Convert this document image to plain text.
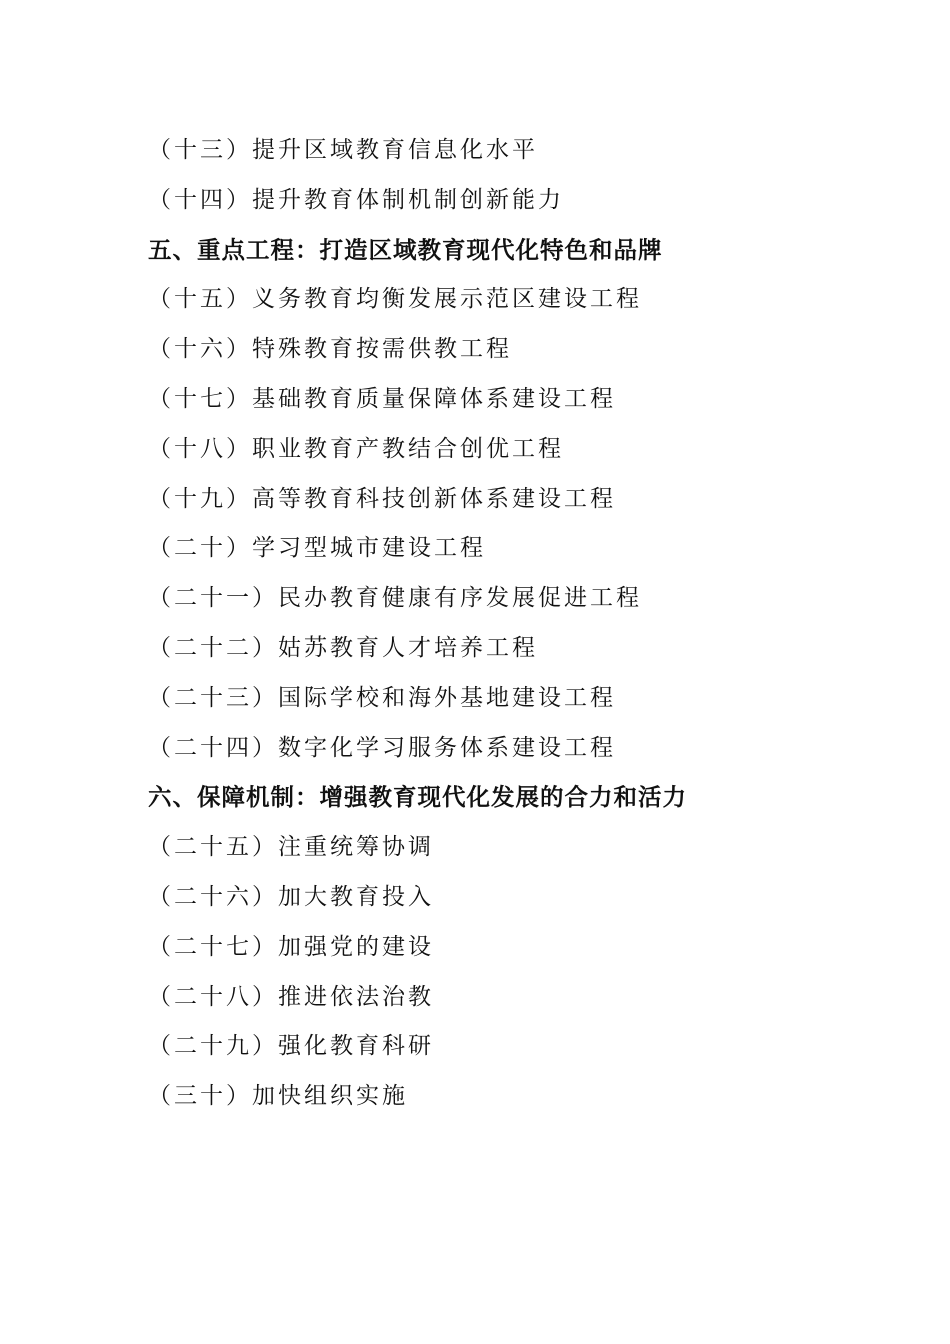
（十三）提升区域教育信息化水平
（十四）提升教育体制机制创新能力
五、重点工程：打造区域教育现代化特色和品牌
（十五）义务教育均衡发展示范区建设工程
（十六）特殊教育按需供教工程
（十七）基础教育质量保障体系建设工程
（十八）职业教育产教结合创优工程
（十九）高等教育科技创新体系建设工程
（二十）学习型城市建设工程
（二十一）民办教育健康有序发展促进工程
（二十二）姑苏教育人才培养工程
（二十三）国际学校和海外基地建设工程
（二十四）数字化学习服务体系建设工程
六、保障机制：增强教育现代化发展的合力和活力
（二十五）注重统筹协调
（二十六）加大教育投入
（二十七）加强党的建设
（二十八）推进依法治教
（二十九）强化教育科研
（三十）加快组织实施
